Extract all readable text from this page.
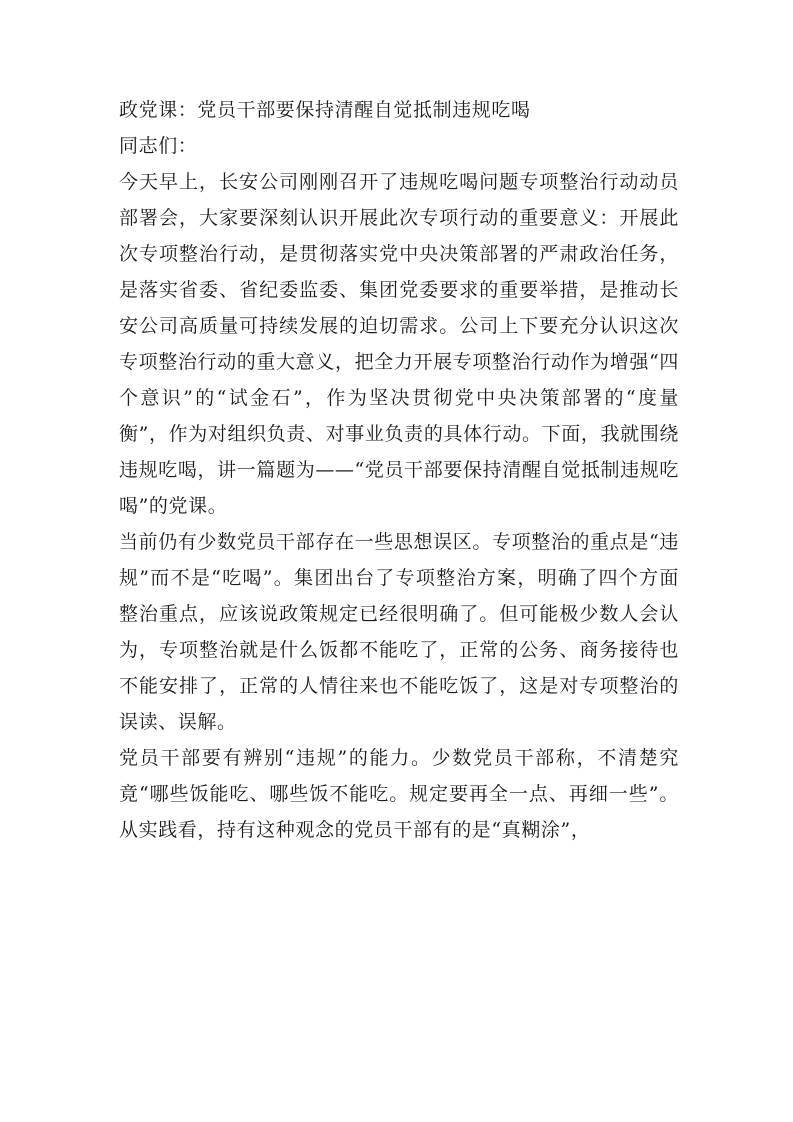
政党课：党员干部要保持清醒自觉抵制违规吃喝

同志们：

今天早上，长安公司刚刚召开了违规吃喝问题专项整治行动动员部署会，大家要深刻认识开展此次专项行动的重要意义：开展此次专项整治行动，是贯彻落实党中央决策部署的严肃政治任务，是落实省委、省纪委监委、集团党委要求的重要举措，是推动长安公司高质量可持续发展的迫切需求。公司上下要充分认识这次专项整治行动的重大意义，把全力开展专项整治行动作为增强“四个意识”的“试金石”，作为坚决贯彻党中央决策部署的“度量衡”，作为对组织负责、对事业负责的具体行动。下面，我就围绕违规吃喝，讲一篇题为——“党员干部要保持清醒自觉抵制违规吃喝”的党课。

当前仍有少数党员干部存在一些思想误区。专项整治的重点是“违规”而不是“吃喝”。集团出台了专项整治方案，明确了四个方面整治重点，应该说政策规定已经很明确了。但可能极少数人会认为，专项整治就是什么饭都不能吃了，正常的公务、商务接待也不能安排了，正常的人情往来也不能吃饭了，这是对专项整治的误读、误解。

党员干部要有辨别“违规”的能力。少数党员干部称，不清楚究竟“哪些饭能吃、哪些饭不能吃。规定要再全一点、再细一些”。从实践看，持有这种观念的党员干部有的是“真糊涂”，
